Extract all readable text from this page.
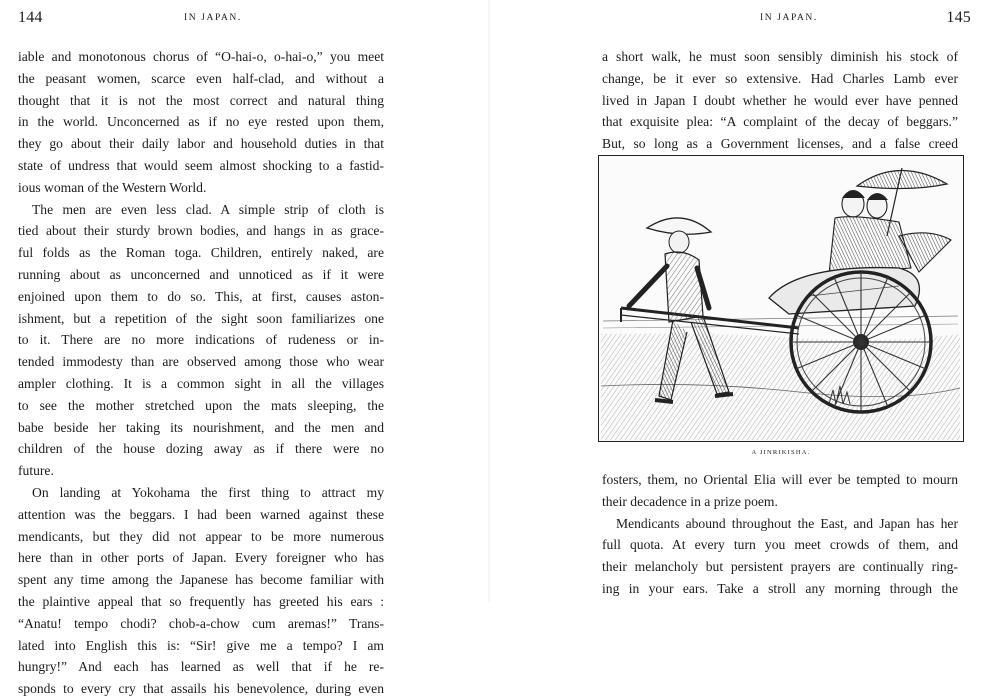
144	IN JAPAN.
iable and monotonous chorus of “O-hai-o, o-hai-o,” you meet
the peasant women, scarce even half-clad, and without a
thought that it is not the most correct and natural thing
in the world. Unconcerned as if no eye rested upon them,
they go about their daily labor and household duties in that
state of undress that would seem almost shocking to a fastid-
ious woman of the Western World.
The men are even less clad. A simple strip of cloth is
tied about their sturdy brown bodies, and hangs in as grace-
ful folds as the Roman toga. Children, entirely naked, are
running about as unconcerned and unnoticed as if it were
enjoined upon them to do so. This, at first, causes aston-
ishment, but a repetition of the sight soon familiarizes one
to it. There are no more indications of rudeness or in-
tended immodesty than are observed among those who wear
ampler clothing. It is a common sight in all the villages
to see the mother stretched upon the mats sleeping, the
babe beside her taking its nourishment, and the men and
children of the house dozing away as if there were no
future.
On landing at Yokohama the first thing to attract my
attention was the beggars. I had been warned against these
mendicants, but they did not appear to be more numerous
here than in other ports of Japan. Every foreigner who has
spent any time among the Japanese has become familiar with
the plaintive appeal that so frequently has greeted his ears :
“Anatu! tempo chodi? chob-a-chow cum aremas!” Trans-
lated into English this is: “Sir! give me a tempo? I am
hungry!” And each has learned as well that if he re-
sponds to every cry that assails his benevolence, during even
IN JAPAN.	145
a short walk, he must soon sensibly diminish his stock of
change, be it ever so extensive. Had Charles Lamb ever
lived in Japan I doubt whether he would ever have penned
that exquisite plea: “A complaint of the decay of beggars.”
But, so long as a Government licenses, and a false creed
A JINRIKISHA.
fosters, them, no Oriental Elia will ever be tempted to mourn
their decadence in a prize poem.
Mendicants abound throughout the East, and Japan has her
full quota. At every turn you meet crowds of them, and
their melancholy but persistent prayers are continually ring-
ing in your ears. Take a stroll any morning through the
